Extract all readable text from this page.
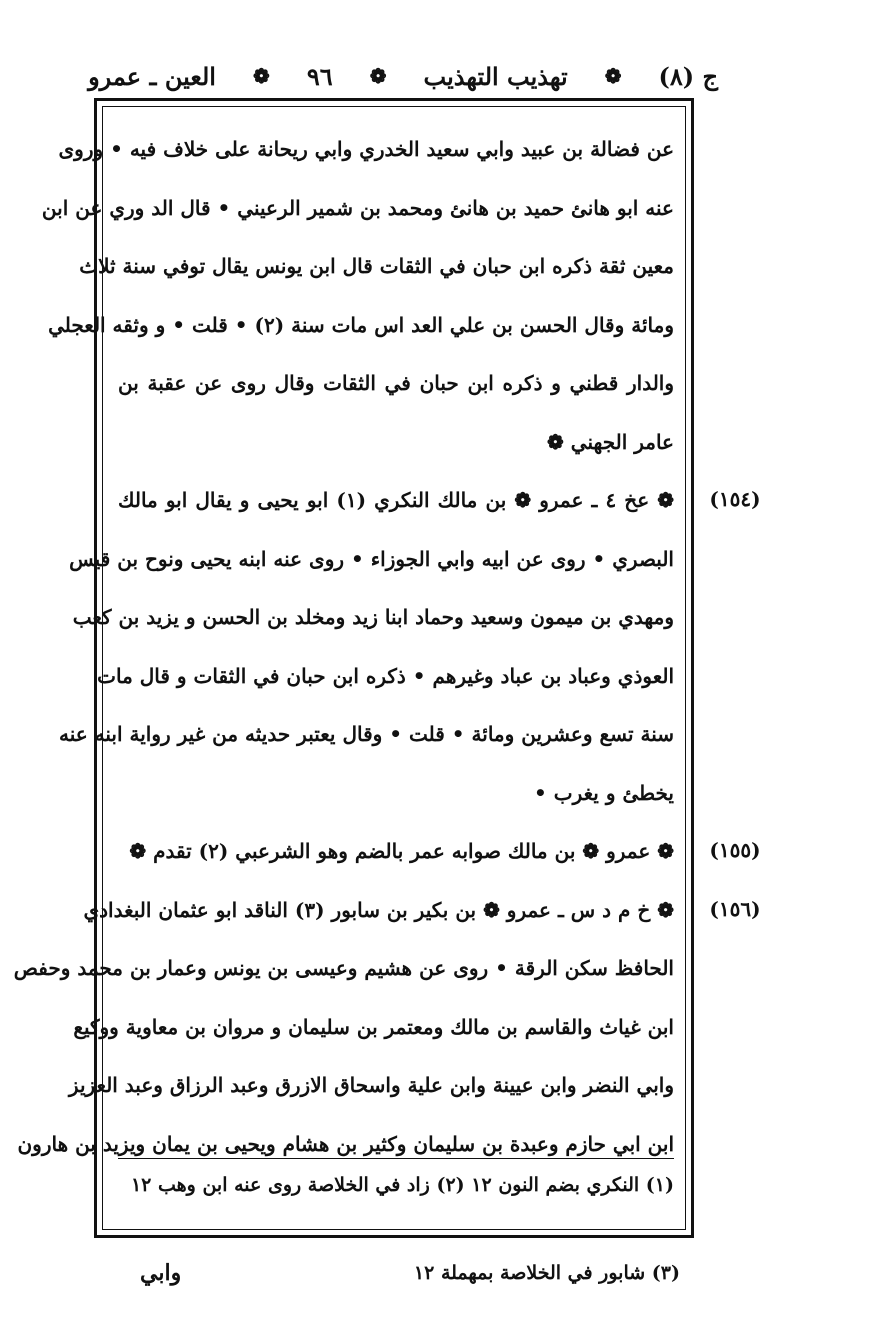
ج (٨)
❁
تهذيب التهذيب
❁
٩٦
❁
العين ـ عمرو
عن فضالة بن عبيد وابي سعيد الخدري وابي ريحانة على خلاف فيه • وروى
عنه ابو هانئ حميد بن هانئ ومحمد بن شمير الرعيني • قال الد وري عن ابن
معين ثقة ذكره ابن حبان في الثقات قال ابن يونس يقال توفي سنة ثلاث
ومائة وقال الحسن بن علي العد اس مات سنة (٢) • قلت • و وثقه العجلي
والدار قطني و ذكره ابن حبان في الثقات وقال روى عن عقبة بن
عامر الجهني ❁
❁ عخ ٤ ـ عمرو ❁ بن مالك النكري (١) ابو يحيى و يقال ابو مالك
البصري • روى عن ابيه وابي الجوزاء • روى عنه ابنه يحيى ونوح بن قيس
ومهدي بن ميمون وسعيد وحماد ابنا زيد ومخلد بن الحسن و يزيد بن كعب
العوذي وعباد بن عباد وغيرهم • ذكره ابن حبان في الثقات و قال مات
سنة تسع وعشرين ومائة • قلت • وقال يعتبر حديثه من غير رواية ابنه عنه
يخطئ و يغرب •
❁ عمرو ❁ بن مالك صوابه عمر بالضم وهو الشرعبي (٢) تقدم ❁
❁ خ م د س ـ عمرو ❁ بن بكير بن سابور (٣) الناقد ابو عثمان البغدادي
الحافظ سكن الرقة • روى عن هشيم وعيسى بن يونس وعمار بن محمد وحفص
ابن غياث والقاسم بن مالك ومعتمر بن سليمان و مروان بن معاوية ووكيع
وابي النضر وابن عيينة وابن علية واسحاق الازرق وعبد الرزاق وعبد العزيز
ابن ابي حازم وعبدة بن سليمان وكثير بن هشام ويحيى بن يمان ويزيد بن هارون
(١٥٤)
(١٥٥)
(١٥٦)
(١) النكري بضم النون ١٢ (٢) زاد في الخلاصة روى عنه ابن وهب ١٢
(٣) شابور في الخلاصة بمهملة ١٢
وابي
